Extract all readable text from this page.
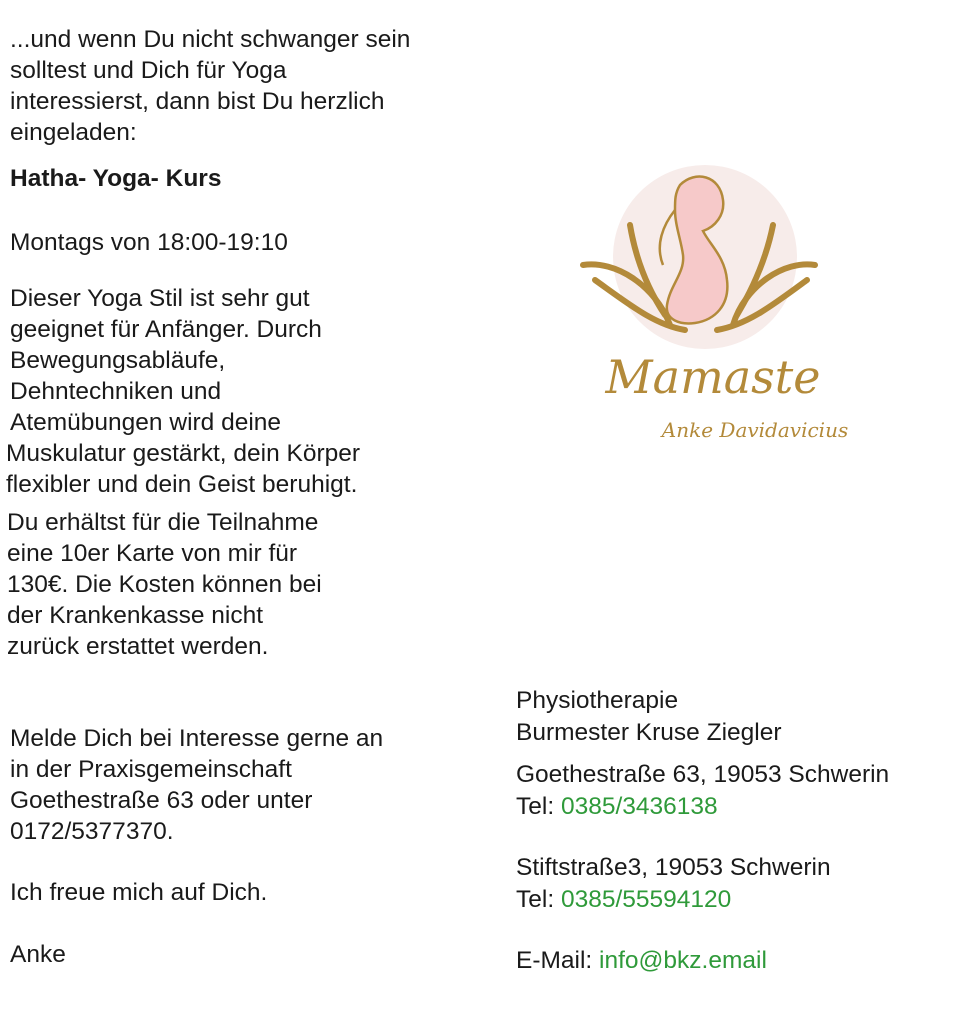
...und wenn Du nicht schwanger sein
solltest und Dich für Yoga
interessierst, dann bist Du herzlich
eingeladen:
Hatha- Yoga- Kurs
Montags von 18:00-19:10
Dieser Yoga Stil ist sehr gut
geeignet für Anfänger. Durch
Bewegungsabläufe,
Dehntechniken und
Atemübungen wird deine
Muskulatur gestärkt, dein Körper
flexibler und dein Geist beruhigt.
Du erhältst für die Teilnahme
eine 10er Karte von mir für
130€. Die Kosten können bei
der Krankenkasse nicht
zurück erstattet werden.
Melde Dich bei Interesse gerne an
in der Praxisgemeinschaft
Goethestraße 63 oder unter
0172/5377370.
Ich freue mich auf Dich.
Anke
Mamaste
Anke Davidavicius
Physiotherapie
Burmester Kruse Ziegler
Goethestraße 63, 19053 Schwerin
Tel: 0385/3436138
Stiftstraße3, 19053 Schwerin
Tel: 0385/55594120
E-Mail: info@bkz.email
